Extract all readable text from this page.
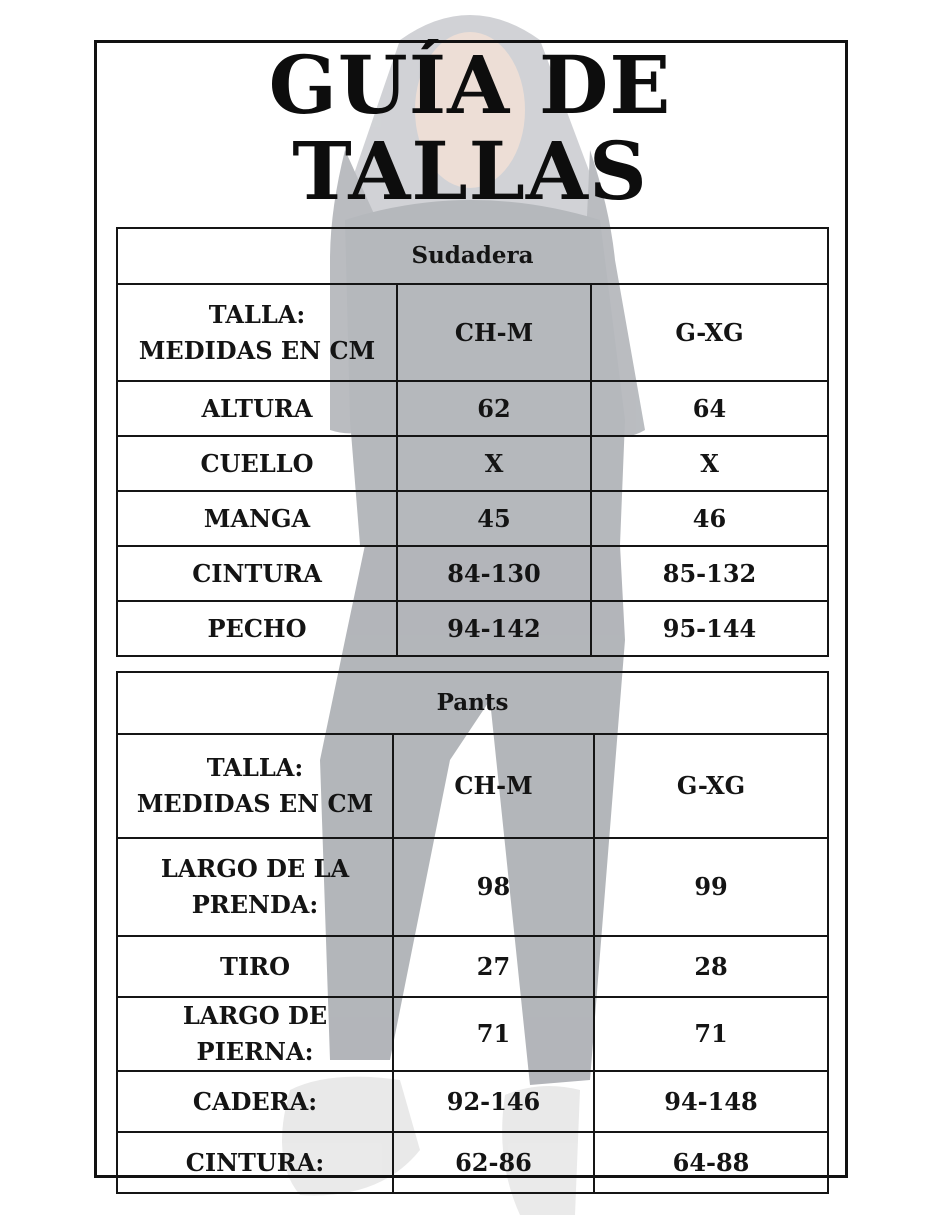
GUÍA DE
TALLAS
Sudadera		

TALLA:
MEDIDAS EN CM	CH-M	G-XG
ALTURA	62	64
CUELLO	X	X
MANGA	45	46
CINTURA	84-130	85-132
PECHO	94-142	95-144
Pants		

TALLA:
MEDIDAS EN CM	CH-M	G-XG

LARGO DE LA
PRENDA:	98	99
TIRO	27	28
LARGO DE PIERNA:	71	71
CADERA:	92-146	94-148
CINTURA:	62-86	64-88
